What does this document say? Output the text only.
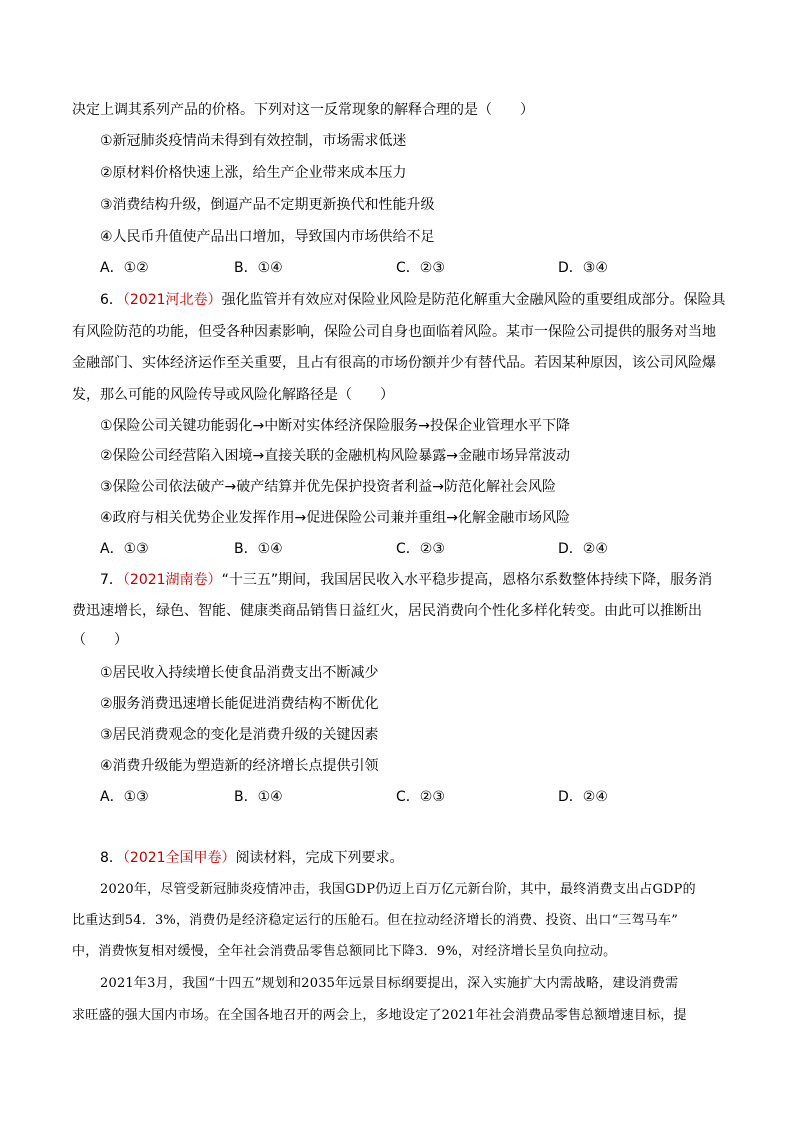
决定上调其系列产品的价格。下列对这一反常现象的解释合理的是（　　）
①新冠肺炎疫情尚未得到有效控制，市场需求低迷
②原材料价格快速上涨，给生产企业带来成本压力
③消费结构升级，倒逼产品不定期更新换代和性能升级
④人民币升值使产品出口增加，导致国内市场供给不足
A．①②	B．①④	C．②③	D．③④
6．（2021河北卷）强化监管并有效应对保险业风险是防范化解重大金融风险的重要组成部分。保险具
有风险防范的功能，但受各种因素影响，保险公司自身也面临着风险。某市一保险公司提供的服务对当地
金融部门、实体经济运作至关重要，且占有很高的市场份额并少有替代品。若因某种原因，该公司风险爆
发，那么可能的风险传导或风险化解路径是（　　）
①保险公司关键功能弱化→中断对实体经济保险服务→投保企业管理水平下降
②保险公司经营陷入困境→直接关联的金融机构风险暴露→金融市场异常波动
③保险公司依法破产→破产结算并优先保护投资者利益→防范化解社会风险
④政府与相关优势企业发挥作用→促进保险公司兼并重组→化解金融市场风险
A．①③	B．①④	C．②③	D．②④
7．（2021湖南卷）“十三五”期间，我国居民收入水平稳步提高，恩格尔系数整体持续下降，服务消
费迅速增长，绿色、智能、健康类商品销售日益红火，居民消费向个性化多样化转变。由此可以推断出
（　　）
①居民收入持续增长使食品消费支出不断减少
②服务消费迅速增长能促进消费结构不断优化
③居民消费观念的变化是消费升级的关键因素
④消费升级能为塑造新的经济增长点提供引领
A．①③	B．①④	C．②③	D．②④
8．（2021全国甲卷）阅读材料，完成下列要求。
2020年，尽管受新冠肺炎疫情冲击，我国GDP仍迈上百万亿元新台阶，其中，最终消费支出占GDP的
比重达到54．3%，消费仍是经济稳定运行的压舱石。但在拉动经济增长的消费、投资、出口“三驾马车”
中，消费恢复相对缓慢，全年社会消费品零售总额同比下降3．9%，对经济增长呈负向拉动。
2021年3月，我国“十四五”规划和2035年远景目标纲要提出，深入实施扩大内需战略，建设消费需
求旺盛的强大国内市场。在全国各地召开的两会上，多地设定了2021年社会消费品零售总额增速目标，提
